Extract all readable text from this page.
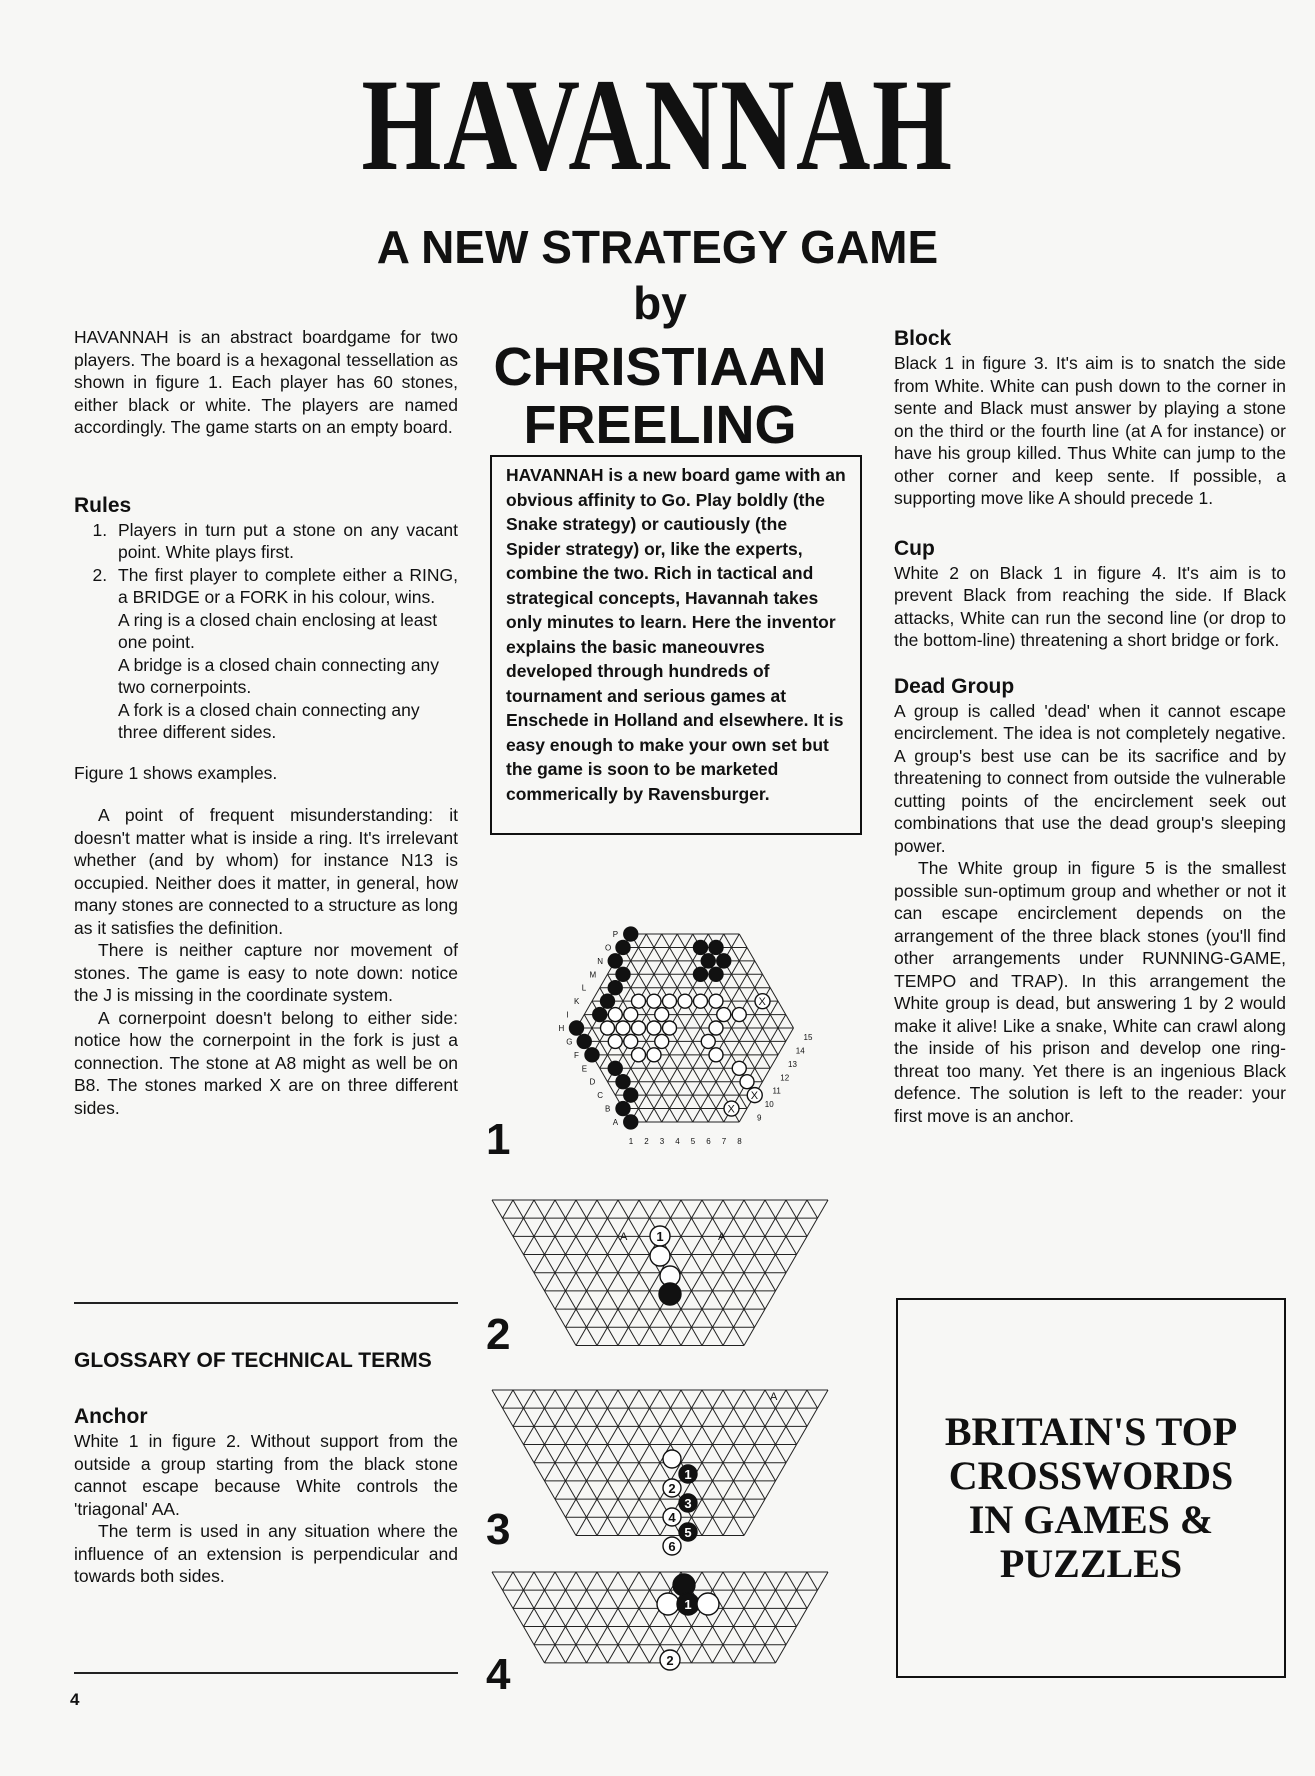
HAVANNAH
A NEW STRATEGY GAME
by
CHRISTIAAN
FREELING

HAVANNAH is an abstract boardgame for two players. The board is a hexagonal tessellation as shown in figure 1. Each player has 60 stones, either black or white. The players are named accordingly. The game starts on an empty board.

Rules
1. Players in turn put a stone on any vacant point. White plays first.
2. The first player to complete either a RING, a BRIDGE or a FORK in his colour, wins.

A ring is a closed chain enclosing at least one point.

A bridge is a closed chain connecting any two cornerpoints.

A fork is a closed chain connecting any three different sides.

Figure 1 shows examples.

A point of frequent misunderstanding: it doesn't matter what is inside a ring. It's irrelevant whether (and by whom) for instance N13 is occupied. Neither does it matter, in general, how many stones are connected to a structure as long as it satisfies the definition.

There is neither capture nor movement of stones. The game is easy to note down: notice the J is missing in the coordinate system.

A cornerpoint doesn't belong to either side: notice how the cornerpoint in the fork is just a connection. The stone at A8 might as well be on B8. The stones marked X are on three different sides.

GLOSSARY OF TECHNICAL TERMS
Anchor

White 1 in figure 2. Without support from the outside a group starting from the black stone cannot escape because White controls the 'triagonal' AA.

The term is used in any situation where the influence of an extension is perpendicular and towards both sides.

4
HAVANNAH is a new board game with an obvious affinity to Go. Play boldly (the Snake strategy) or cautiously (the Spider strategy) or, like the experts, combine the two. Rich in tactical and strategical concepts, Havannah takes only minutes to learn. Here the inventor explains the basic maneouvres developed through hundreds of tournament and serious games at Enschede in Holland and elsewhere. It is easy enough to make your own set but the game is soon to be marketed commerically by Ravensburger.
P
O
N
M
L
K
I
H
G
F
E
D
C
B
A
1 2 3 4 5 6 7 8
9
10
11
12
13
14
15
X
X
X
1
A	A
A
1
2
3
4
5
6
1
2
1
2
3
4
Block

Black 1 in figure 3. It's aim is to snatch the side from White. White can push down to the corner in sente and Black must answer by playing a stone on the third or the fourth line (at A for instance) or have his group killed. Thus White can jump to the other corner and keep sente. If possible, a supporting move like A should precede 1.

Cup

White 2 on Black 1 in figure 4. It's aim is to prevent Black from reaching the side. If Black attacks, White can run the second line (or drop to the bottom-line) threatening a short bridge or fork.

Dead Group

A group is called 'dead' when it cannot escape encirclement. The idea is not completely negative. A group's best use can be its sacrifice and by threatening to connect from outside the vulnerable cutting points of the encirclement seek out combinations that use the dead group's sleeping power.

The White group in figure 5 is the smallest possible sun-optimum group and whether or not it can escape encirclement depends on the arrangement of the three black stones (you'll find other arrangements under RUNNING-GAME, TEMPO and TRAP). In this arrangement the White group is dead, but answering 1 by 2 would make it alive! Like a snake, White can crawl along the inside of his prison and develop one ring-threat too many. Yet there is an ingenious Black defence. The solution is left to the reader: your first move is an anchor.

BRITAIN'S TOP
CROSSWORDS
IN GAMES &
PUZZLES
